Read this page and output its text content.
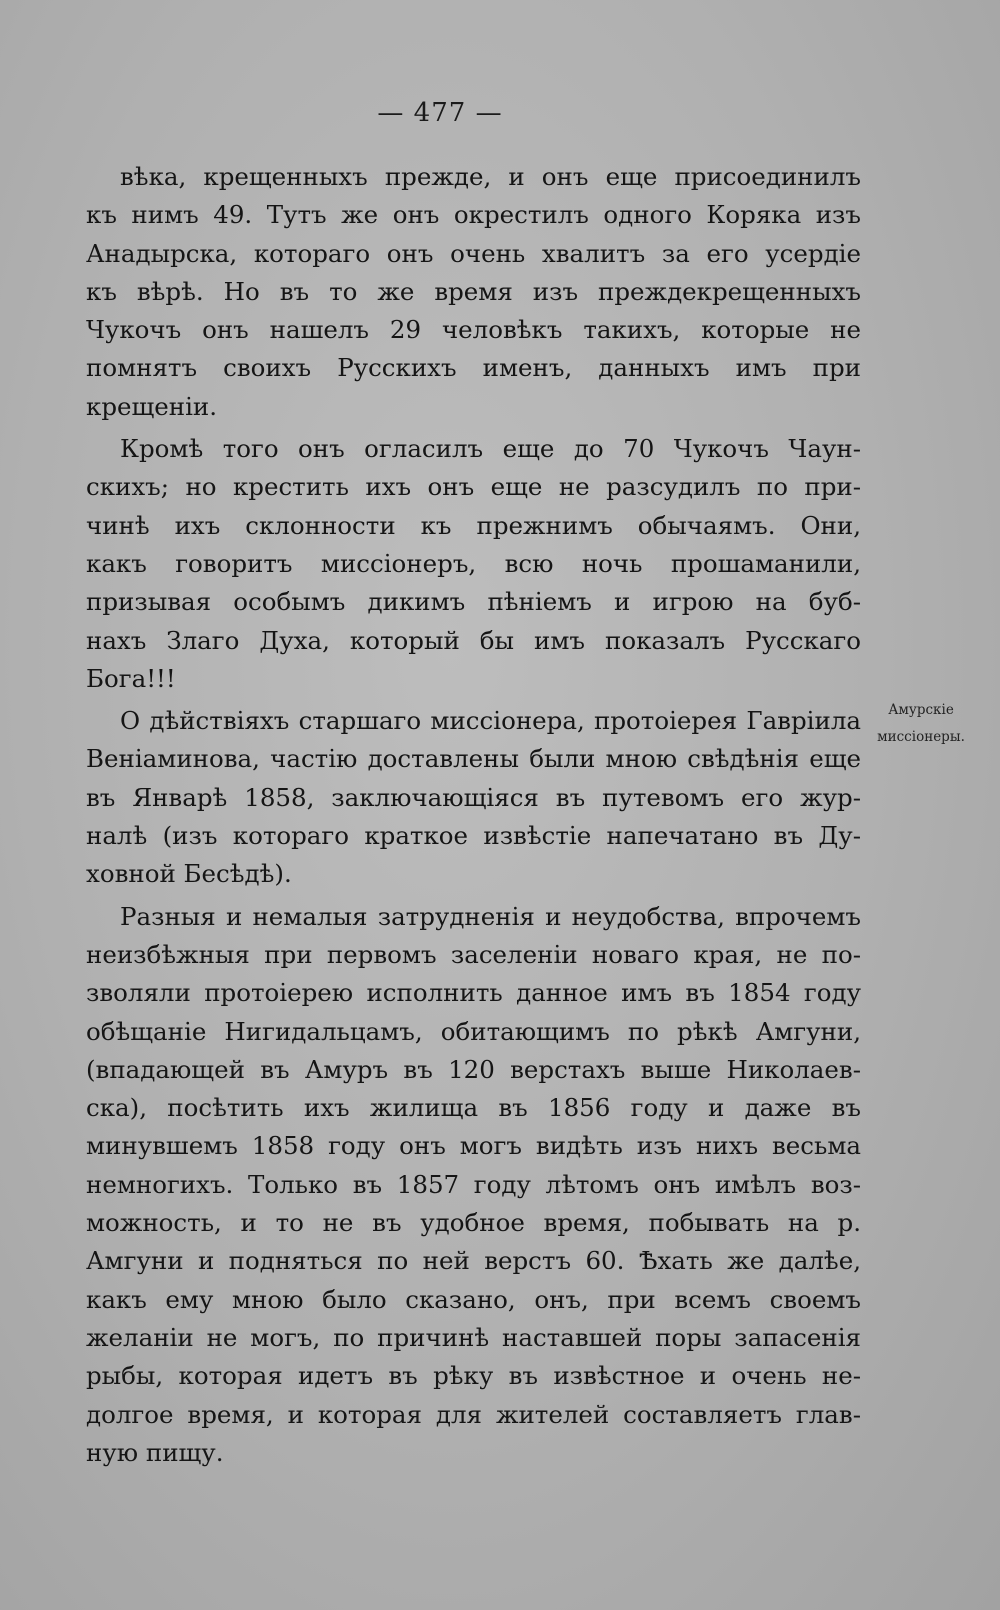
— 477 —
вѣка, крещенныхъ прежде, и онъ еще присоединилъ
къ нимъ 49. Тутъ же онъ окрестилъ одного Коряка изъ
Анадырска, котораго онъ очень хвалитъ за его усердіе
къ вѣрѣ. Но въ то же время изъ преждекрещенныхъ
Чукочъ онъ нашелъ 29 человѣкъ такихъ, которые не
помнятъ своихъ Русскихъ именъ, данныхъ имъ при
крещеніи.
Кромѣ того онъ огласилъ еще до 70 Чукочъ Чаун-
скихъ; но крестить ихъ онъ еще не разсудилъ по при-
чинѣ ихъ склонности къ прежнимъ обычаямъ. Они,
какъ говоритъ миссіонеръ, всю ночь прошаманили,
призывая особымъ дикимъ пѣніемъ и игрою на буб-
нахъ Злаго Духа, который бы имъ показалъ Русскаго
Бога!!!
О дѣйствіяхъ старшаго миссіонера, протоіерея Гавріила
Веніаминова, частію доставлены были мною свѣдѣнія еще
въ Январѣ 1858, заключающіяся въ путевомъ его жур-
налѣ (изъ котораго краткое извѣстіе напечатано въ Ду-
ховной Бесѣдѣ).
Разныя и немалыя затрудненія и неудобства, впрочемъ
неизбѣжныя при первомъ заселеніи новаго края, не по-
зволяли протоіерею исполнить данное имъ въ 1854 году
обѣщаніе Нигидальцамъ, обитающимъ по рѣкѣ Амгуни,
(впадающей въ Амуръ въ 120 верстахъ выше Николаев-
ска), посѣтить ихъ жилища въ 1856 году и даже въ
минувшемъ 1858 году онъ могъ видѣть изъ нихъ весьма
немногихъ. Только въ 1857 году лѣтомъ онъ имѣлъ воз-
можность, и то не въ удобное время, побывать на р.
Амгуни и подняться по ней верстъ 60. Ѣхать же далѣе,
какъ ему мною было сказано, онъ, при всемъ своемъ
желаніи не могъ, по причинѣ наставшей поры запасенія
рыбы, которая идетъ въ рѣку въ извѣстное и очень не-
долгое время, и которая для жителей составляетъ глав-
ную пищу.
Амурскіе
миссіонеры.
